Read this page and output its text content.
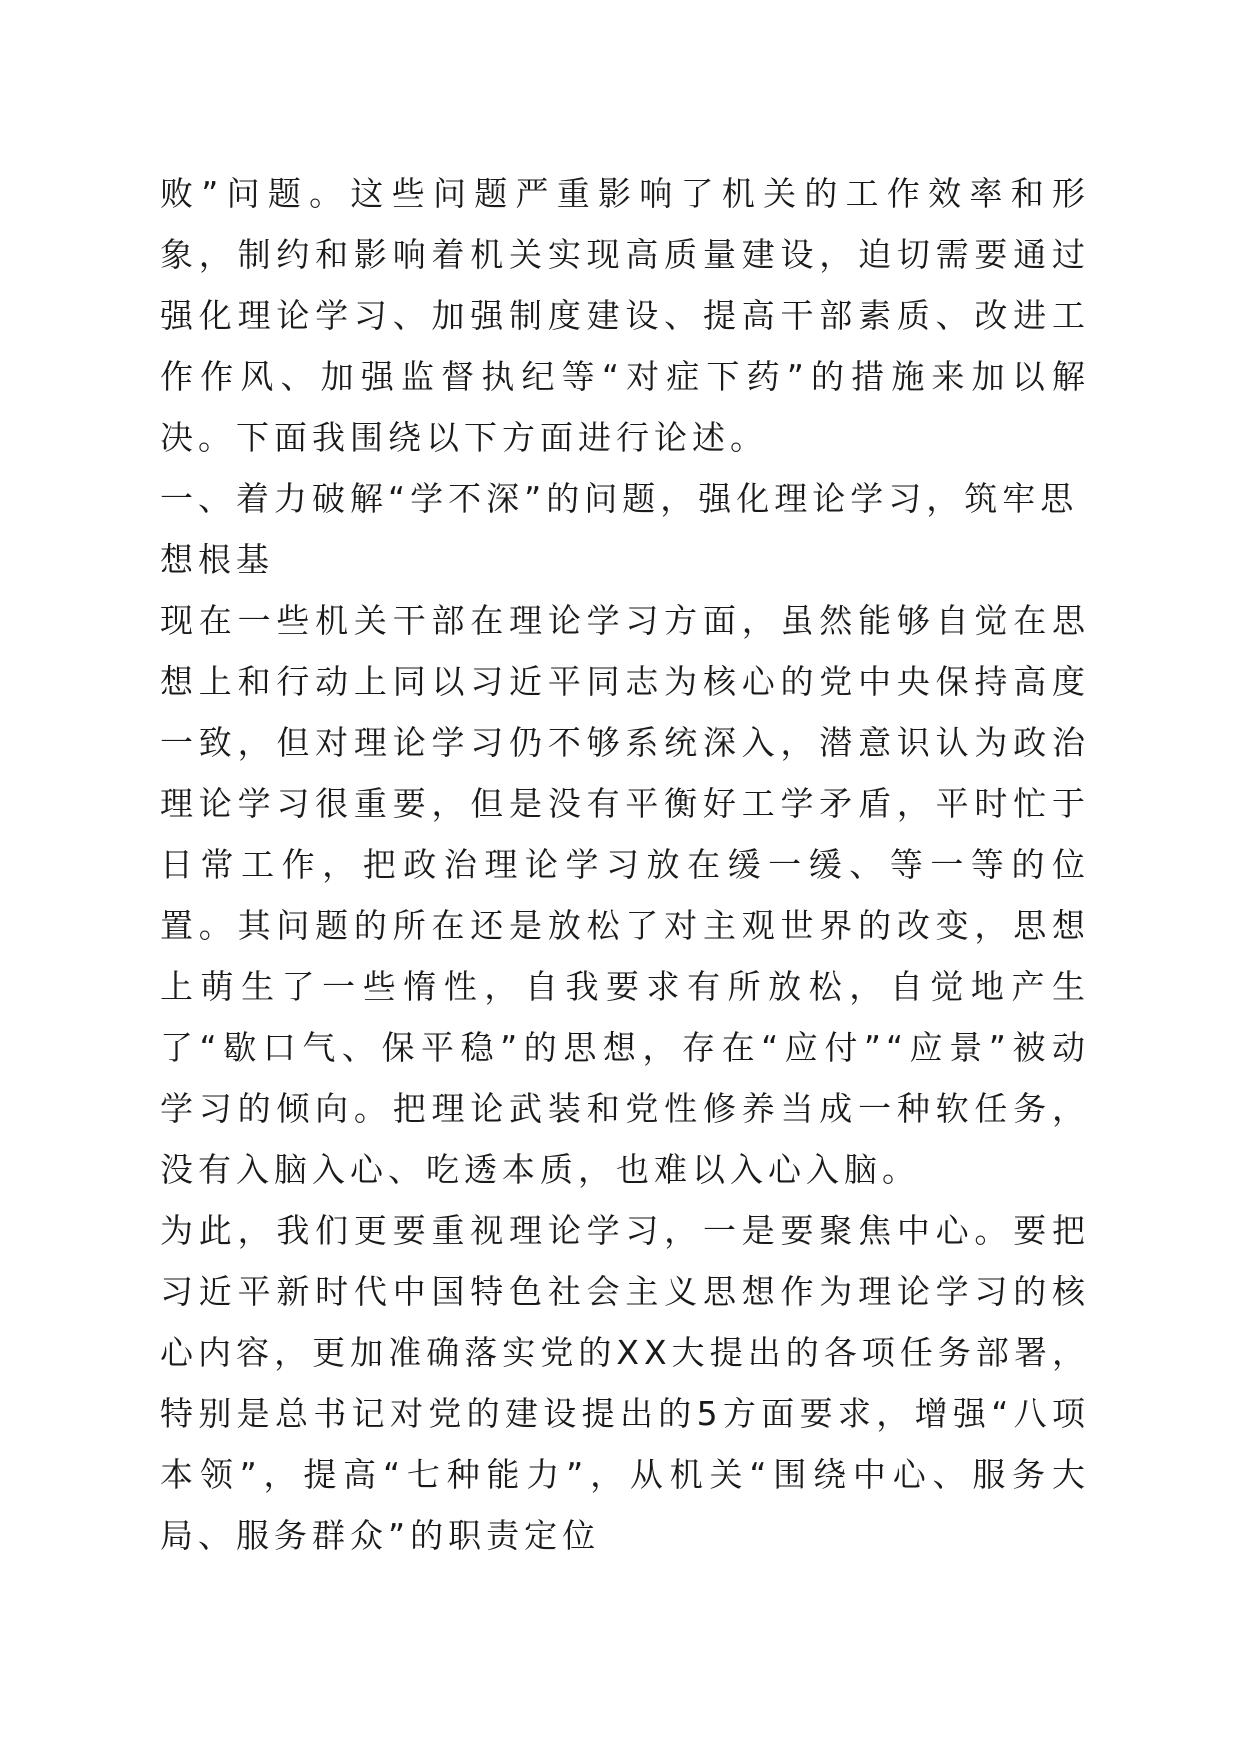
败”问题。这些问题严重影响了机关的工作效率和形象，制约和影响着机关实现高质量建设，迫切需要通过强化理论学习、加强制度建设、提高干部素质、改进工作作风、加强监督执纪等“对症下药”的措施来加以解决。下面我围绕以下方面进行论述。

一、着力破解“学不深”的问题，强化理论学习，筑牢思想根基

现在一些机关干部在理论学习方面，虽然能够自觉在思想上和行动上同以习近平同志为核心的党中央保持高度一致，但对理论学习仍不够系统深入，潜意识认为政治理论学习很重要，但是没有平衡好工学矛盾，平时忙于日常工作，把政治理论学习放在缓一缓、等一等的位置。其问题的所在还是放松了对主观世界的改变，思想上萌生了一些惰性，自我要求有所放松，自觉地产生了“歇口气、保平稳”的思想，存在“应付”“应景”被动学习的倾向。把理论武装和党性修养当成一种软任务，没有入脑入心、吃透本质，也难以入心入脑。

为此，我们更要重视理论学习，一是要聚焦中心。要把习近平新时代中国特色社会主义思想作为理论学习的核心内容，更加准确落实党的XX大提出的各项任务部署，特别是总书记对党的建设提出的5方面要求，增强“八项本领”，提高“七种能力”，从机关“围绕中心、服务大局、服务群众”的职责定位
